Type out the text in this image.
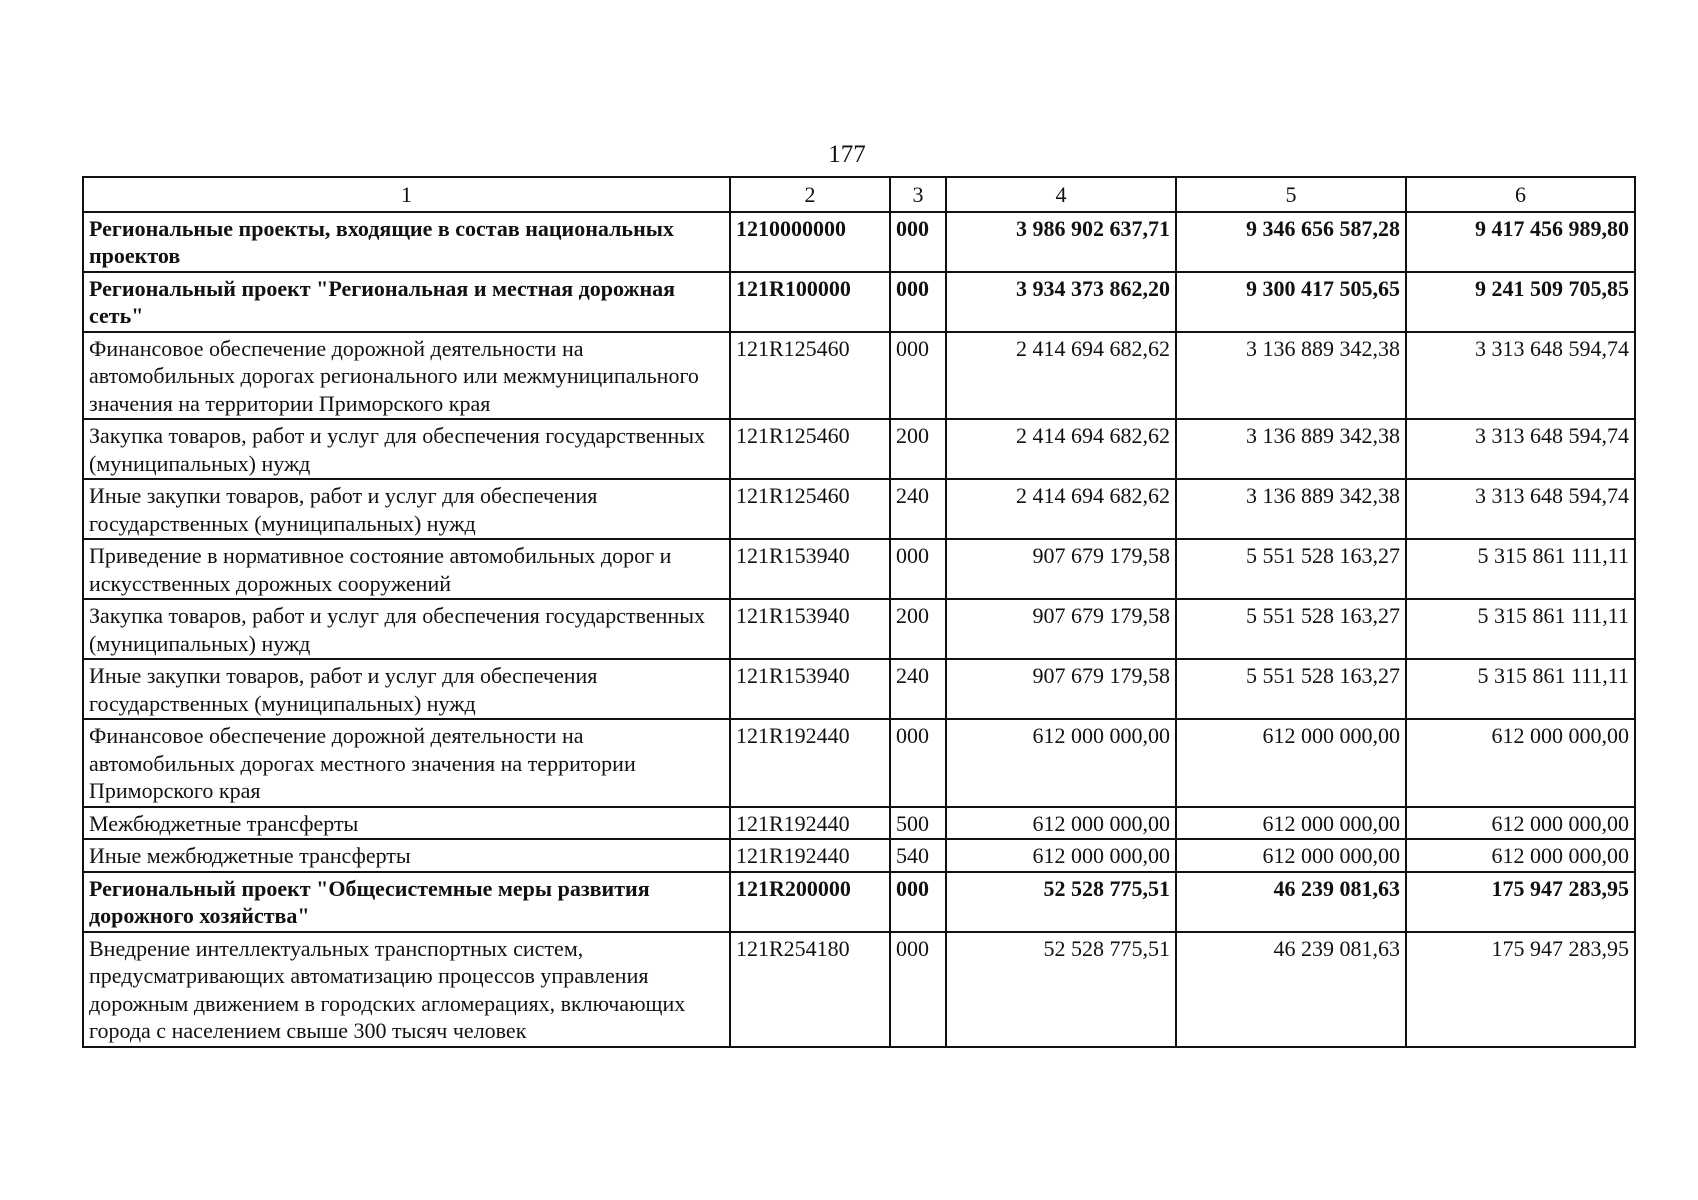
177
1	2	3	4	5	6
Региональные проекты, входящие в состав национальных проектов	1210000000	000	3 986 902 637,71	9 346 656 587,28	9 417 456 989,80
Региональный проект "Региональная и местная дорожная сеть"	121R100000	000	3 934 373 862,20	9 300 417 505,65	9 241 509 705,85
Финансовое обеспечение дорожной деятельности на автомобильных дорогах регионального или межмуниципального значения на территории Приморского края	121R125460	000	2 414 694 682,62	3 136 889 342,38	3 313 648 594,74
Закупка товаров, работ и услуг для обеспечения государственных (муниципальных) нужд	121R125460	200	2 414 694 682,62	3 136 889 342,38	3 313 648 594,74
Иные закупки товаров, работ и услуг для обеспечения государственных (муниципальных) нужд	121R125460	240	2 414 694 682,62	3 136 889 342,38	3 313 648 594,74
Приведение в нормативное состояние автомобильных дорог и искусственных дорожных сооружений	121R153940	000	907 679 179,58	5 551 528 163,27	5 315 861 111,11
Закупка товаров, работ и услуг для обеспечения государственных (муниципальных) нужд	121R153940	200	907 679 179,58	5 551 528 163,27	5 315 861 111,11
Иные закупки товаров, работ и услуг для обеспечения государственных (муниципальных) нужд	121R153940	240	907 679 179,58	5 551 528 163,27	5 315 861 111,11
Финансовое обеспечение дорожной деятельности на автомобильных дорогах местного значения на территории Приморского края	121R192440	000	612 000 000,00	612 000 000,00	612 000 000,00
Межбюджетные трансферты	121R192440	500	612 000 000,00	612 000 000,00	612 000 000,00
Иные межбюджетные трансферты	121R192440	540	612 000 000,00	612 000 000,00	612 000 000,00
Региональный проект "Общесистемные меры развития дорожного хозяйства"	121R200000	000	52 528 775,51	46 239 081,63	175 947 283,95
Внедрение интеллектуальных транспортных систем, предусматривающих автоматизацию процессов управления дорожным движением в городских агломерациях, включающих города с населением свыше 300 тысяч человек	121R254180	000	52 528 775,51	46 239 081,63	175 947 283,95
